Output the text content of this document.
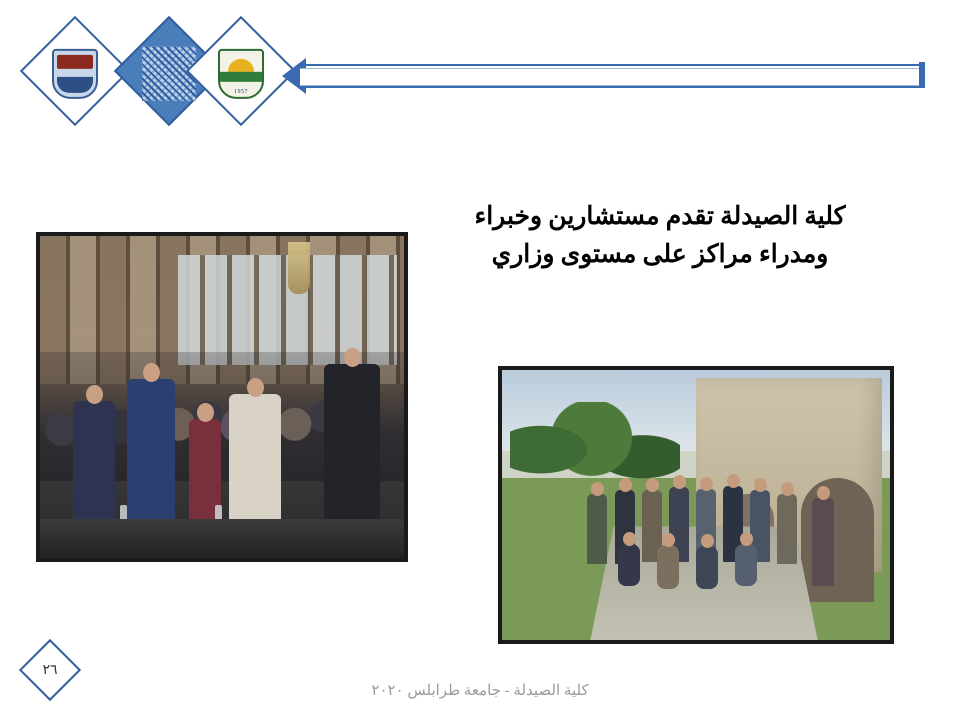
1957
كلية الصيدلة تقدم مستشارين وخبراء
ومدراء مراكز على مستوى وزاري
كلية الصيدلة - جامعة طرابلس ٢٠٢٠
٢٦
